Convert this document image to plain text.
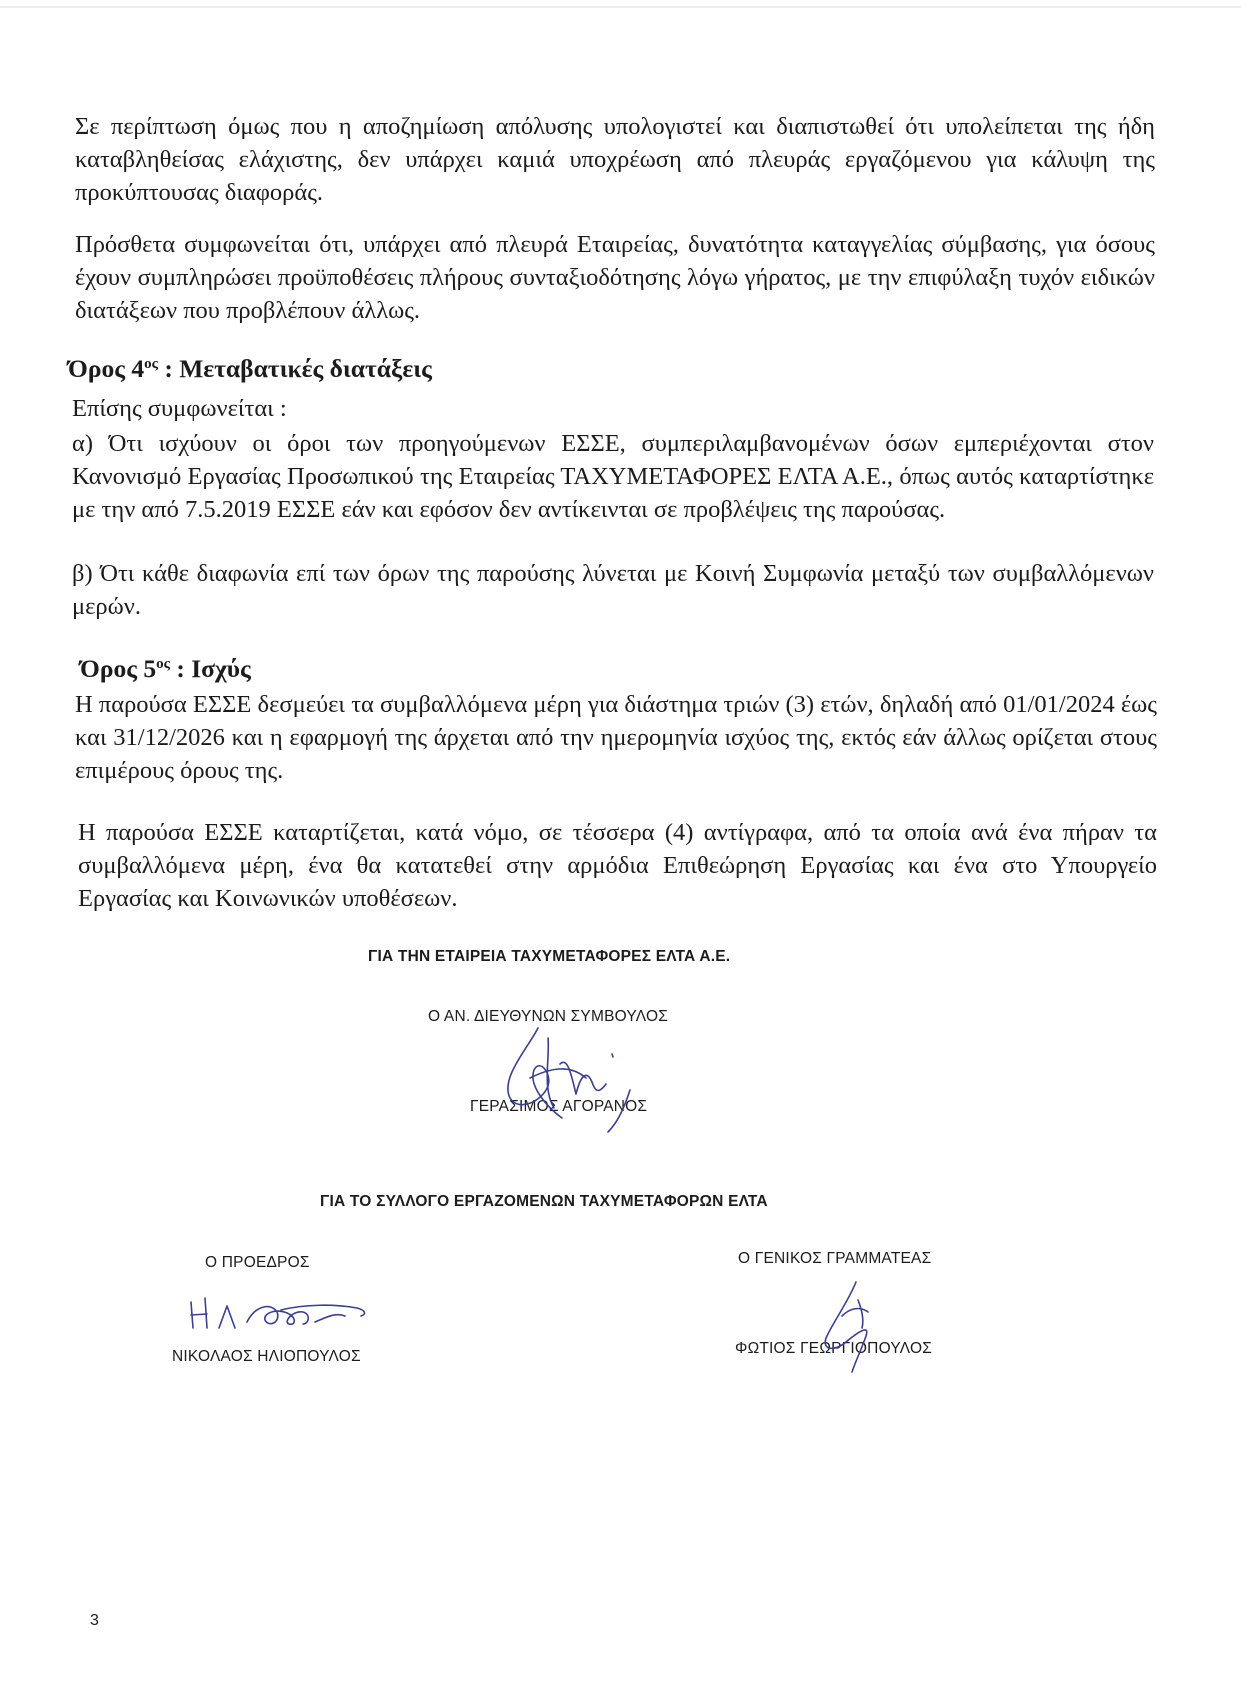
Σε περίπτωση όμως που η αποζημίωση απόλυσης υπολογιστεί και διαπιστωθεί ότι υπολείπεται της ήδη καταβληθείσας ελάχιστης, δεν υπάρχει καμιά υποχρέωση από πλευράς εργαζόμενου για κάλυψη της προκύπτουσας διαφοράς.

Πρόσθετα συμφωνείται ότι, υπάρχει από πλευρά Εταιρείας, δυνατότητα καταγγελίας σύμβασης, για όσους έχουν συμπληρώσει προϋποθέσεις πλήρους συνταξιοδότησης λόγω γήρατος, με την επιφύλαξη τυχόν ειδικών διατάξεων που προβλέπουν άλλως.

Όρος $4^{o\varsigma}$ : Μεταβατικές διατάξεις
Επίσης συμφωνείται :

α) Ότι ισχύουν οι όροι των προηγούμενων ΕΣΣΕ, συμπεριλαμβανομένων όσων εμπεριέχονται στον Κανονισμό Εργασίας Προσωπικού της Εταιρείας ΤΑΧΥΜΕΤΑΦΟΡΕΣ ΕΛΤΑ Α.Ε., όπως αυτός καταρτίστηκε με την από 7.5.2019 ΕΣΣΕ εάν και εφόσον δεν αντίκεινται σε προβλέψεις της παρούσας.

β) Ότι κάθε διαφωνία επί των όρων της παρούσης λύνεται με Κοινή Συμφωνία μεταξύ των συμβαλλόμενων μερών.

Όρος $5^{o\varsigma}$ : Ισχύς

Η παρούσα ΕΣΣΕ δεσμεύει τα συμβαλλόμενα μέρη για διάστημα τριών (3) ετών, δηλαδή από 01/01/2024 έως και 31/12/2026 και η εφαρμογή της άρχεται από την ημερομηνία ισχύος της, εκτός εάν άλλως ορίζεται στους επιμέρους όρους της.

Η παρούσα ΕΣΣΕ καταρτίζεται, κατά νόμο, σε τέσσερα (4) αντίγραφα, από τα οποία ανά ένα πήραν τα συμβαλλόμενα μέρη, ένα θα κατατεθεί στην αρμόδια Επιθεώρηση Εργασίας και ένα στο Υπουργείο Εργασίας και Κοινωνικών υποθέσεων.

ΓΙΑ ΤΗΝ ΕΤΑΙΡΕΙΑ ΤΑΧΥΜΕΤΑΦΟΡΕΣ ΕΛΤΑ Α.Ε.
Ο ΑΝ. ΔΙΕΥΘΥΝΩΝ ΣΥΜΒΟΥΛΟΣ
ΓΕΡΑΣΙΜΟΣ ΑΓΟΡΑΝΟΣ
ΓΙΑ ΤΟ ΣΥΛΛΟΓΟ ΕΡΓΑΖΟΜΕΝΩΝ ΤΑΧΥΜΕΤΑΦΟΡΩΝ ΕΛΤΑ
Ο ΠΡΟΕΔΡΟΣ
ΝΙΚΟΛΑΟΣ ΗΛΙΟΠΟΥΛΟΣ
Ο ΓΕΝΙΚΟΣ ΓΡΑΜΜΑΤΕΑΣ
ΦΩΤΙΟΣ ΓΕΩΡΓΙΟΠΟΥΛΟΣ
3
